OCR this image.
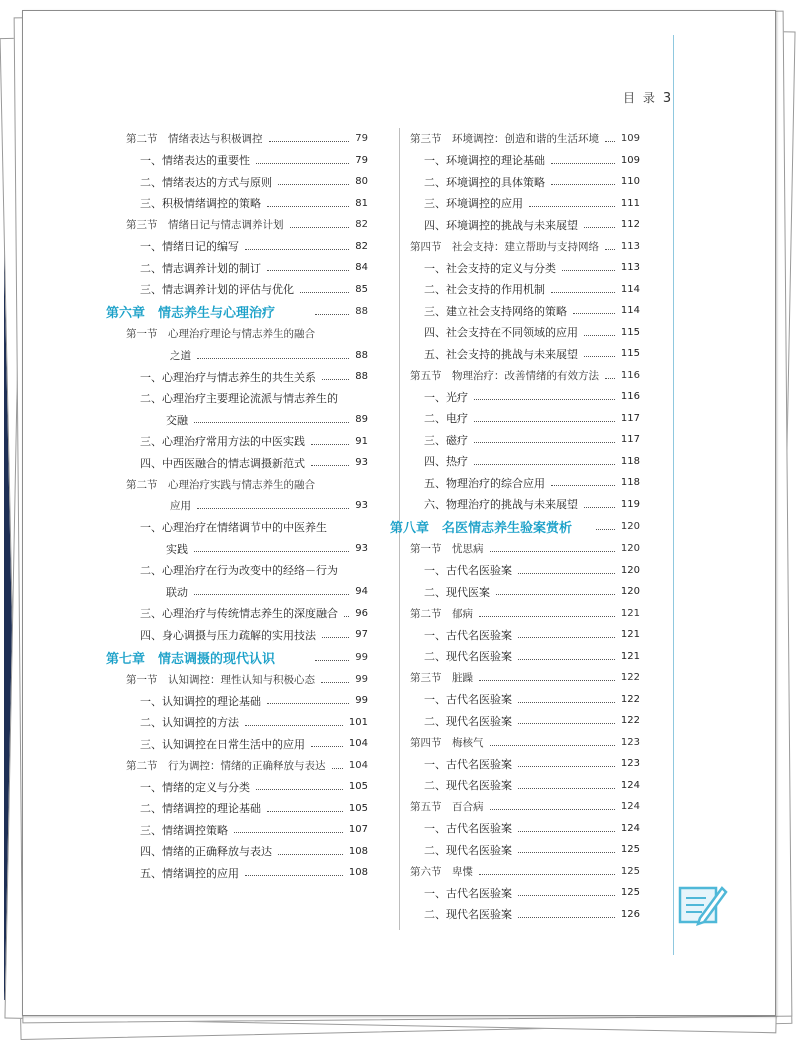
目 录 3
第二节　情绪表达与积极调控	79
一、情绪表达的重要性	79
二、情绪表达的方式与原则	80
三、积极情绪调控的策略	81
第三节　情绪日记与情志调养计划	82
一、情绪日记的编写	82
二、情志调养计划的制订	84
三、情志调养计划的评估与优化	85
第六章　情志养生与心理治疗	88
第一节　心理治疗理论与情志养生的融合
之道	88
一、心理治疗与情志养生的共生关系	88
二、心理治疗主要理论流派与情志养生的
交融	89
三、心理治疗常用方法的中医实践	91
四、中西医融合的情志调摄新范式	93
第二节　心理治疗实践与情志养生的融合
应用	93
一、心理治疗在情绪调节中的中医养生
实践	93
二、心理治疗在行为改变中的经络－行为
联动	94
三、心理治疗与传统情志养生的深度融合 96
四、身心调摄与压力疏解的实用技法	97
第七章　情志调摄的现代认识	99
第一节　认知调控：理性认知与积极心态	99
一、认知调控的理论基础	99
二、认知调控的方法	101
三、认知调控在日常生活中的应用	104
第二节　行为调控：情绪的正确释放与表达 104
一、情绪的定义与分类	105
二、情绪调控的理论基础	105
三、情绪调控策略	107
四、情绪的正确释放与表达	108
五、情绪调控的应用	108
第三节　环境调控：创造和谐的生活环境 109
一、环境调控的理论基础	109
二、环境调控的具体策略	110
三、环境调控的应用	111
四、环境调控的挑战与未来展望	112
第四节　社会支持：建立帮助与支持网络 113
一、社会支持的定义与分类	113
二、社会支持的作用机制	114
三、建立社会支持网络的策略	114
四、社会支持在不同领域的应用	115
五、社会支持的挑战与未来展望	115
第五节　物理治疗：改善情绪的有效方法 116
一、光疗	116
二、电疗	117
三、磁疗	117
四、热疗	118
五、物理治疗的综合应用	118
六、物理治疗的挑战与未来展望	119
第八章　名医情志养生验案赏析	120
第一节　忧思病	120
一、古代名医验案	120
二、现代医案	120
第二节　郁病	121
一、古代名医验案	121
二、现代名医验案	121
第三节　脏躁	122
一、古代名医验案	122
二、现代名医验案	122
第四节　梅核气	123
一、古代名医验案	123
二、现代名医验案	124
第五节　百合病	124
一、古代名医验案	124
二、现代名医验案	125
第六节　卑惵	125
一、古代名医验案	125
二、现代名医验案	126
